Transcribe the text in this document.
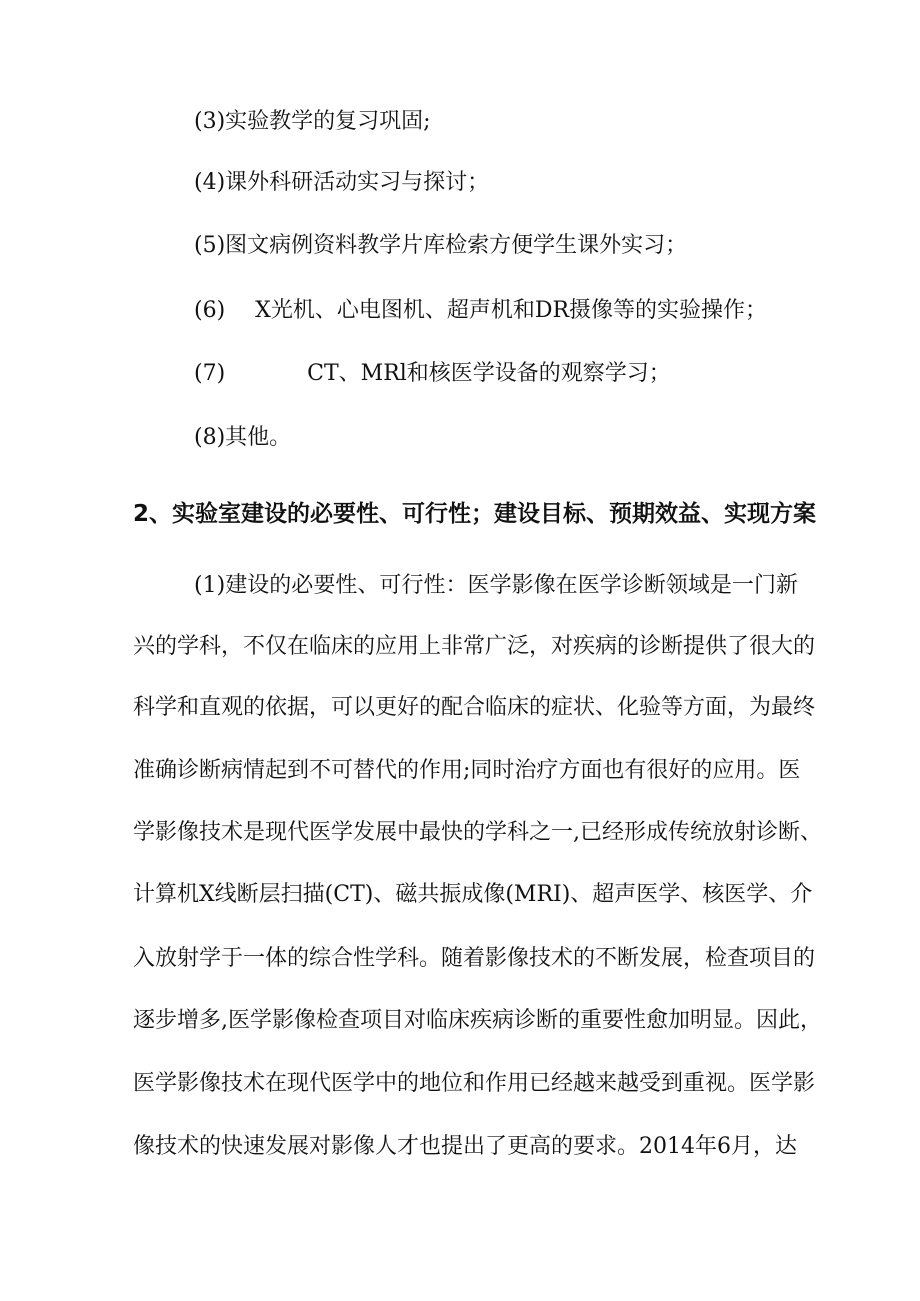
(3)实验教学的复习巩固;
(4)课外科研活动实习与探讨；
(5)图文病例资料教学片库检索方便学生课外实习；
(6) X光机、心电图机、超声机和DR摄像等的实验操作；
(7)	CT、MRl和核医学设备的观察学习；
(8)其他。
2、实验室建设的必要性、可行性；建设目标、预期效益、实现方案
(1)建设的必要性、可行性：医学影像在医学诊断领域是一门新
兴的学科，不仅在临床的应用上非常广泛，对疾病的诊断提供了很大的
科学和直观的依据，可以更好的配合临床的症状、化验等方面，为最终
准确诊断病情起到不可替代的作用;同时治疗方面也有很好的应用。医
学影像技术是现代医学发展中最快的学科之一,已经形成传统放射诊断、
计算机X线断层扫描(CT)、磁共振成像(MRI)、超声医学、核医学、介
入放射学于一体的综合性学科。随着影像技术的不断发展，检查项目的
逐步增多,医学影像检查项目对临床疾病诊断的重要性愈加明显。因此，
医学影像技术在现代医学中的地位和作用已经越来越受到重视。医学影
像技术的快速发展对影像人才也提出了更高的要求。2014年6月，达
